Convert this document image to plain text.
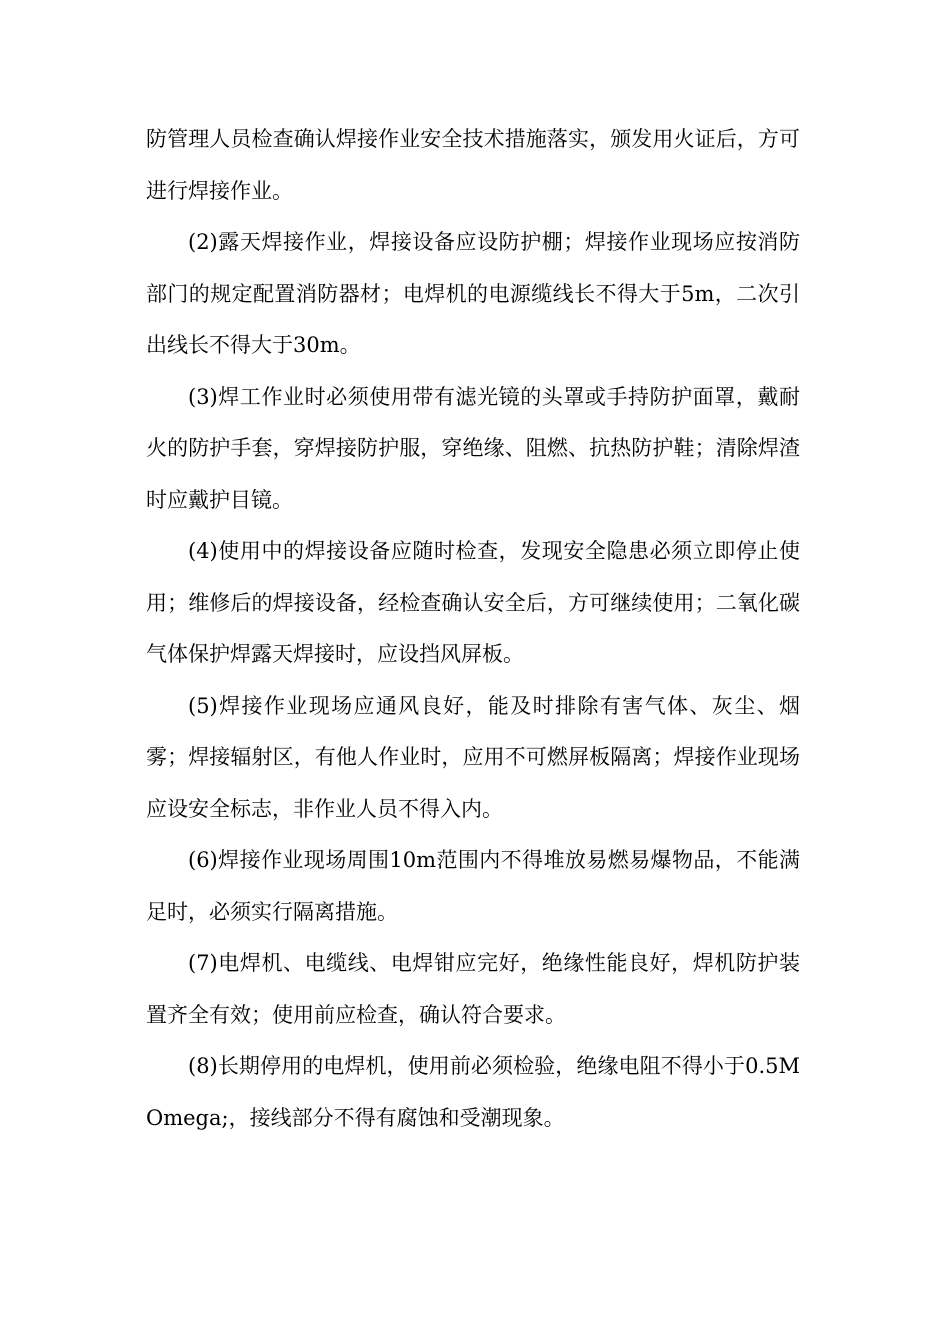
防管理人员检查确认焊接作业安全技术措施落实，颁发用火证后，方可进行焊接作业。

(2)露天焊接作业，焊接设备应设防护棚；焊接作业现场应按消防部门的规定配置消防器材；电焊机的电源缆线长不得大于5m，二次引出线长不得大于30m。

(3)焊工作业时必须使用带有滤光镜的头罩或手持防护面罩，戴耐火的防护手套，穿焊接防护服，穿绝缘、阻燃、抗热防护鞋；清除焊渣时应戴护目镜。

(4)使用中的焊接设备应随时检查，发现安全隐患必须立即停止使用；维修后的焊接设备，经检查确认安全后，方可继续使用；二氧化碳气体保护焊露天焊接时，应设挡风屏板。

(5)焊接作业现场应通风良好，能及时排除有害气体、灰尘、烟雾；焊接辐射区，有他人作业时，应用不可燃屏板隔离；焊接作业现场应设安全标志，非作业人员不得入内。

(6)焊接作业现场周围10m范围内不得堆放易燃易爆物品，不能满足时，必须实行隔离措施。

(7)电焊机、电缆线、电焊钳应完好，绝缘性能良好，焊机防护装置齐全有效；使用前应检查，确认符合要求。

(8)长期停用的电焊机，使用前必须检验，绝缘电阻不得小于0.5MOmega;，接线部分不得有腐蚀和受潮现象。
